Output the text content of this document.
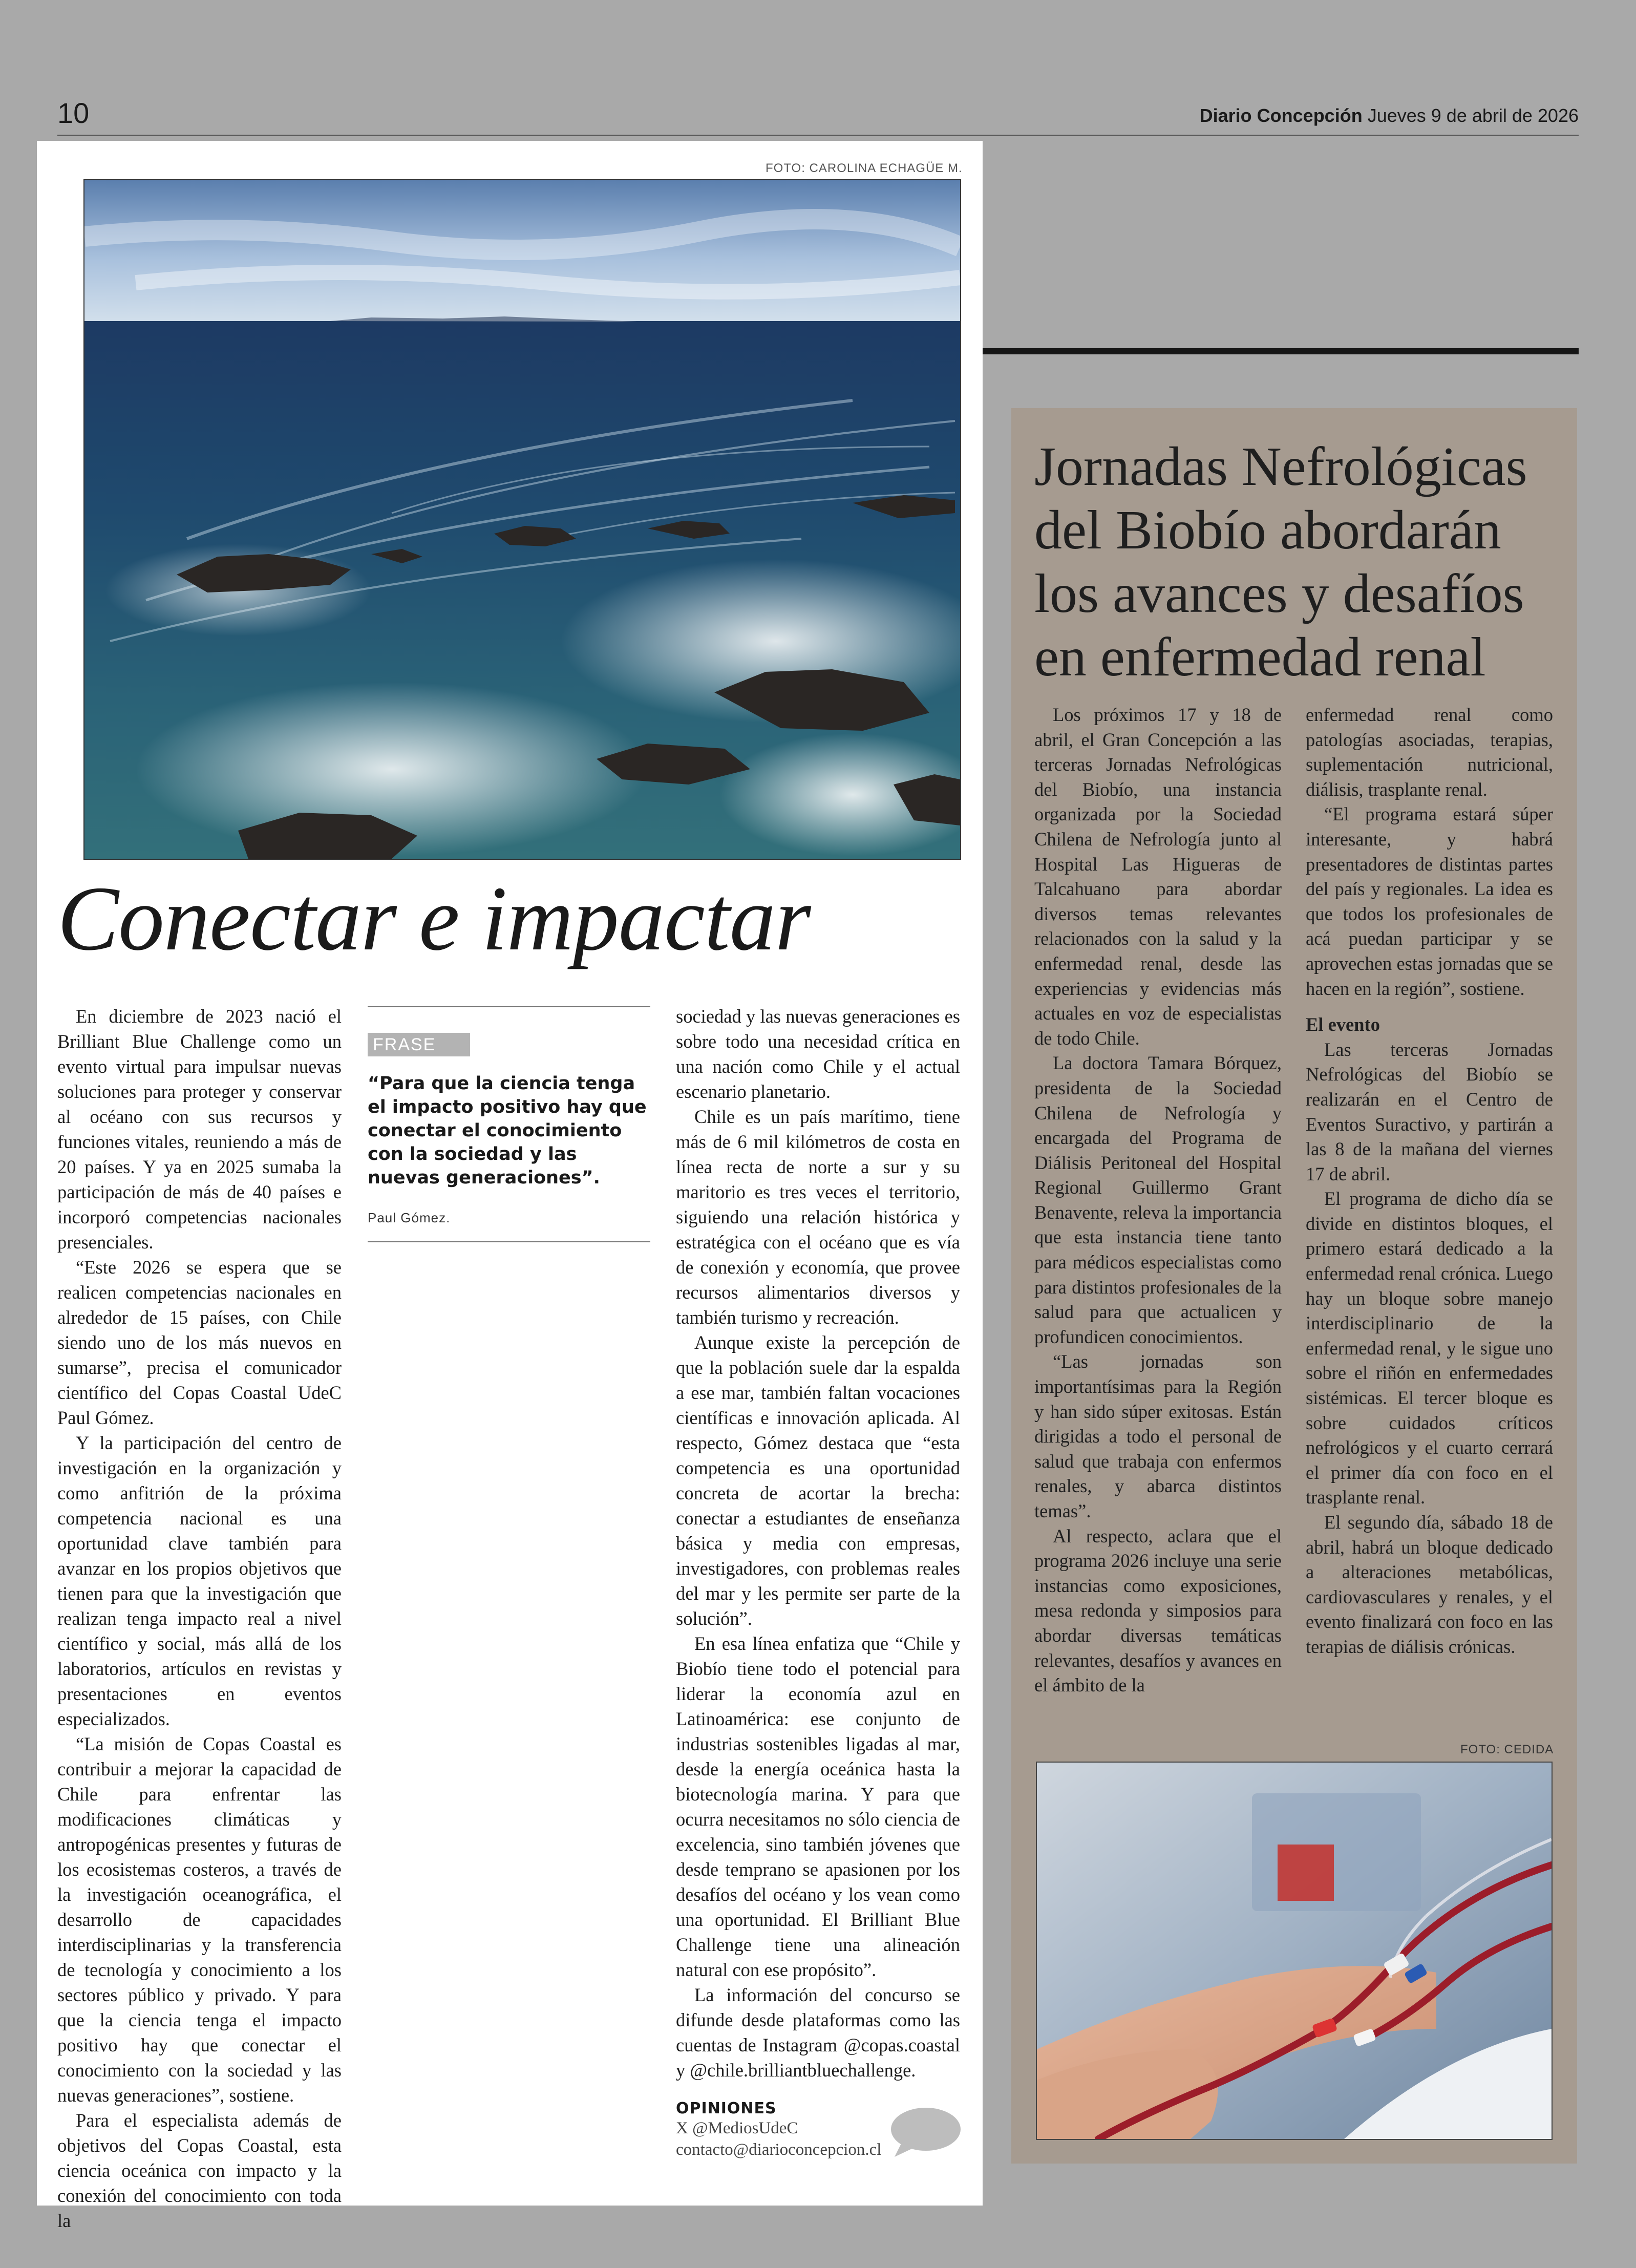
10	Diario Concepción Jueves 9 de abril de 2026
FOTO: CAROLINA ECHAGÜE M.
Conectar e impactar

En diciembre de 2023 nació el Brilliant Blue Challenge como un evento virtual para impulsar nuevas soluciones para proteger y conservar al océano con sus recursos y funciones vitales, reuniendo a más de 20 países. Y ya en 2025 sumaba la participación de más de 40 países e incorporó competencias nacionales presenciales.

“Este 2026 se espera que se realicen competencias nacionales en alrededor de 15 países, con Chile siendo uno de los más nuevos en sumarse”, precisa el comunicador científico del Copas Coastal UdeC Paul Gómez.

Y la participación del centro de investigación en la organización y como anfitrión de la próxima competencia nacional es una oportunidad clave también para avanzar en los propios objetivos que tienen para que la investigación que realizan tenga impacto real a nivel científico y social, más allá de los laboratorios, artículos en revistas y presentaciones en eventos especializados.

“La misión de Copas Coastal es contribuir a mejorar la capacidad de Chile para enfrentar las modificaciones climáticas y antropogénicas presentes y futuras de los ecosistemas costeros, a través de la investigación oceanográfica, el desarrollo de capacidades interdisciplinarias y la transferencia de tecnología y conocimiento a los sectores público y privado. Y para que la ciencia tenga el impacto positivo hay que conectar el conocimiento con la sociedad y las nuevas generaciones”, sostiene.

Para el especialista además de objetivos del Copas Coastal, esta ciencia oceánica con impacto y la conexión del conocimiento con toda la

FRASE
“Para que la ciencia tenga el impacto positivo hay que conectar el conocimiento con la sociedad y las nuevas generaciones”.
Paul Gómez.

sociedad y las nuevas generaciones es sobre todo una necesidad crítica en una nación como Chile y el actual escenario planetario.

Chile es un país marítimo, tiene más de 6 mil kilómetros de costa en línea recta de norte a sur y su maritorio es tres veces el territorio, siguiendo una relación histórica y estratégica con el océano que es vía de conexión y economía, que provee recursos alimentarios diversos y también turismo y recreación.

Aunque existe la percepción de que la población suele dar la espalda a ese mar, también faltan vocaciones científicas e innovación aplicada. Al respecto, Gómez destaca que “esta competencia es una oportunidad concreta de acortar la brecha: conectar a estudiantes de enseñanza básica y media con empresas, investigadores, con problemas reales del mar y les permite ser parte de la solución”.

En esa línea enfatiza que “Chile y Biobío tiene todo el potencial para liderar la economía azul en Latinoamérica: ese conjunto de industrias sostenibles ligadas al mar, desde la energía oceánica hasta la biotecnología marina. Y para que ocurra necesitamos no sólo ciencia de excelencia, sino también jóvenes que desde temprano se apasionen por los desafíos del océano y los vean como una oportunidad. El Brilliant Blue Challenge tiene una alineación natural con ese propósito”.

La información del concurso se difunde desde plataformas como las cuentas de Instagram @copas.coastal y @chile.brilliantbluechallenge.

OPINIONES
X @MediosUdeC
contacto@diarioconcepcion.cl
Jornadas Nefrológicas del Biobío abordarán los avances y desafíos en enfermedad renal

Los próximos 17 y 18 de abril, el Gran Concepción a las terceras Jornadas Nefrológicas del Biobío, una instancia organizada por la Sociedad Chilena de Nefrología junto al Hospital Las Higueras de Talcahuano para abordar diversos temas relevantes relacionados con la salud y la enfermedad renal, desde las experiencias y evidencias más actuales en voz de especialistas de todo Chile.

La doctora Tamara Bórquez, presidenta de la Sociedad Chilena de Nefrología y encargada del Programa de Diálisis Peritoneal del Hospital Regional Guillermo Grant Benavente, releva la importancia que esta instancia tiene tanto para médicos especialistas como para distintos profesionales de la salud para que actualicen y profundicen conocimientos.

“Las jornadas son importantísimas para la Región y han sido súper exitosas. Están dirigidas a todo el personal de salud que trabaja con enfermos renales, y abarca distintos temas”.

Al respecto, aclara que el programa 2026 incluye una serie instancias como exposiciones, mesa redonda y simposios para abordar diversas temáticas relevantes, desafíos y avances en el ámbito de la

enfermedad renal como patologías asociadas, terapias, suplementación nutricional, diálisis, trasplante renal.

“El programa estará súper interesante, y habrá presentadores de distintas partes del país y regionales. La idea es que todos los profesionales de acá puedan participar y se aprovechen estas jornadas que se hacen en la región”, sostiene.

El evento

Las terceras Jornadas Nefrológicas del Biobío se realizarán en el Centro de Eventos Suractivo, y partirán a las 8 de la mañana del viernes 17 de abril.

El programa de dicho día se divide en distintos bloques, el primero estará dedicado a la enfermedad renal crónica. Luego hay un bloque sobre manejo interdisciplinario de la enfermedad renal, y le sigue uno sobre el riñón en enfermedades sistémicas. El tercer bloque es sobre cuidados críticos nefrológicos y el cuarto cerrará el primer día con foco en el trasplante renal.

El segundo día, sábado 18 de abril, habrá un bloque dedicado a alteraciones metabólicas, cardiovasculares y renales, y el evento finalizará con foco en las terapias de diálisis crónicas.

FOTO: CEDIDA
